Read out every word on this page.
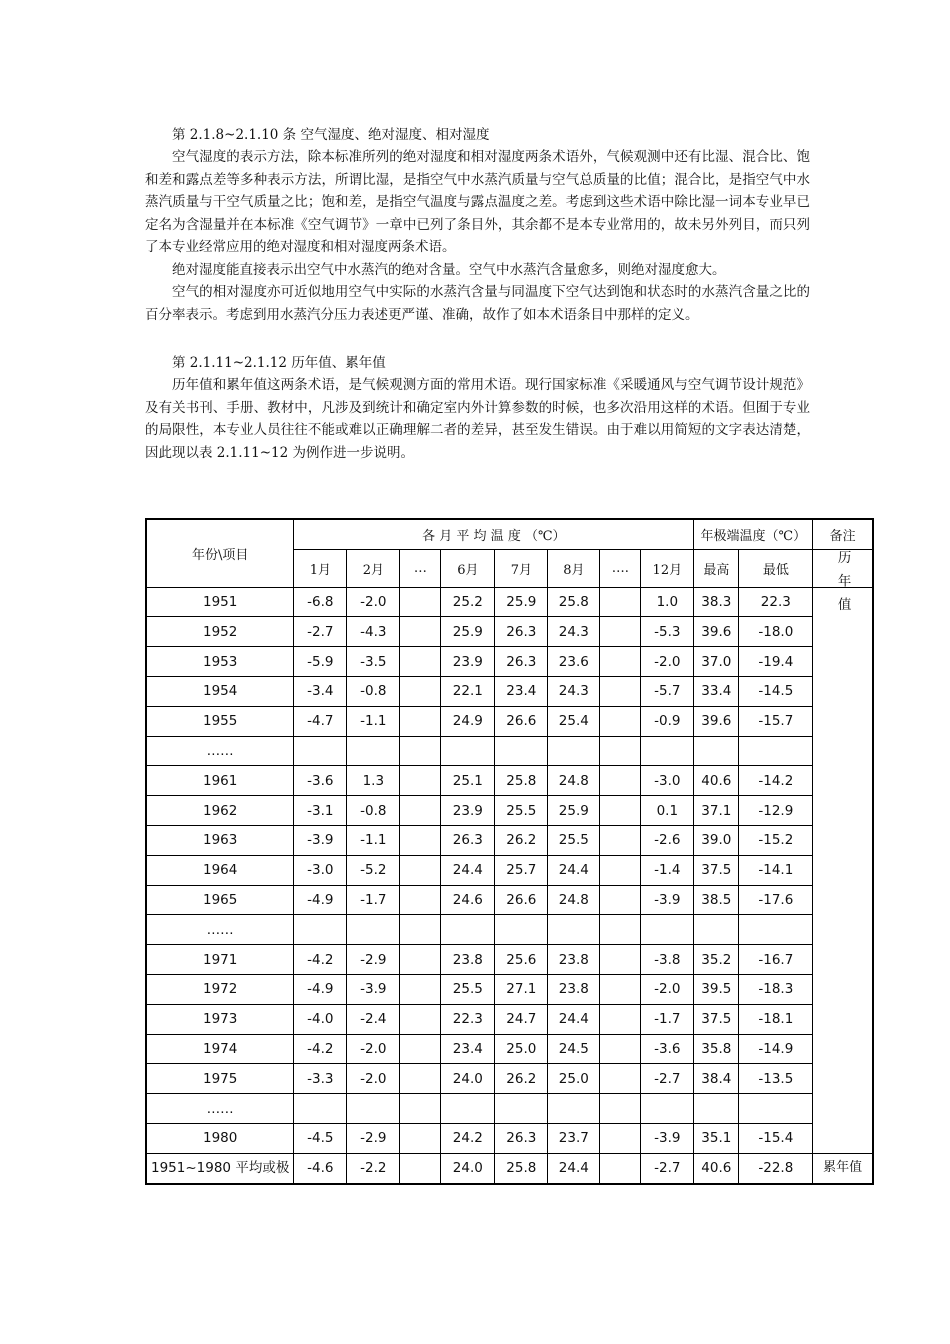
第 2.1.8~2.1.10 条 空气湿度、绝对湿度、相对湿度

空气湿度的表示方法，除本标准所列的绝对湿度和相对湿度两条术语外，气候观测中还有比湿、混合比、饱和差和露点差等多种表示方法，所谓比湿，是指空气中水蒸汽质量与空气总质量的比值；混合比，是指空气中水蒸汽质量与干空气质量之比；饱和差，是指空气温度与露点温度之差。考虑到这些术语中除比湿一词本专业早已定名为含湿量并在本标准《空气调节》一章中已列了条目外，其余都不是本专业常用的，故未另外列目，而只列了本专业经常应用的绝对湿度和相对湿度两条术语。

绝对湿度能直接表示出空气中水蒸汽的绝对含量。空气中水蒸汽含量愈多，则绝对湿度愈大。

空气的相对湿度亦可近似地用空气中实际的水蒸汽含量与同温度下空气达到饱和状态时的水蒸汽含量之比的百分率表示。考虑到用水蒸汽分压力表述更严谨、准确，故作了如本术语条目中那样的定义。

第 2.1.11~2.1.12 历年值、累年值

历年值和累年值这两条术语，是气候观测方面的常用术语。现行国家标准《采暖通风与空气调节设计规范》及有关书刊、手册、教材中，凡涉及到统计和确定室内外计算参数的时候，也多次沿用这样的术语。但囿于专业的局限性，本专业人员往往不能或难以正确理解二者的差异，甚至发生错误。由于难以用简短的文字表达清楚，因此现以表 2.1.11~12 为例作进一步说明。

年份\项目	各 月 平 均 温 度 （℃）								年极端温度（℃）		备注
	1月	2月	…	6月	7月	8月	….	12月	最高	最低	历年值
1951	-6.8	-2.0		25.2	25.9	25.8		1.0	38.3	22.3	
1952	-2.7	-4.3		25.9	26.3	24.3		-5.3	39.6	-18.0	
1953	-5.9	-3.5		23.9	26.3	23.6		-2.0	37.0	-19.4	
1954	-3.4	-0.8		22.1	23.4	24.3		-5.7	33.4	-14.5	
1955	-4.7	-1.1		24.9	26.6	25.4		-0.9	39.6	-15.7	
……											
1961	-3.6	1.3		25.1	25.8	24.8		-3.0	40.6	-14.2	
1962	-3.1	-0.8		23.9	25.5	25.9		0.1	37.1	-12.9	
1963	-3.9	-1.1		26.3	26.2	25.5		-2.6	39.0	-15.2	
1964	-3.0	-5.2		24.4	25.7	24.4		-1.4	37.5	-14.1	
1965	-4.9	-1.7		24.6	26.6	24.8		-3.9	38.5	-17.6	
……											
1971	-4.2	-2.9		23.8	25.6	23.8		-3.8	35.2	-16.7	
1972	-4.9	-3.9		25.5	27.1	23.8		-2.0	39.5	-18.3	
1973	-4.0	-2.4		22.3	24.7	24.4		-1.7	37.5	-18.1	
1974	-4.2	-2.0		23.4	25.0	24.5		-3.6	35.8	-14.9	
1975	-3.3	-2.0		24.0	26.2	25.0		-2.7	38.4	-13.5	
……											
1980	-4.5	-2.9		24.2	26.3	23.7		-3.9	35.1	-15.4	
1951~1980 平均或极	-4.6	-2.2		24.0	25.8	24.4		-2.7	40.6	-22.8	累年值
